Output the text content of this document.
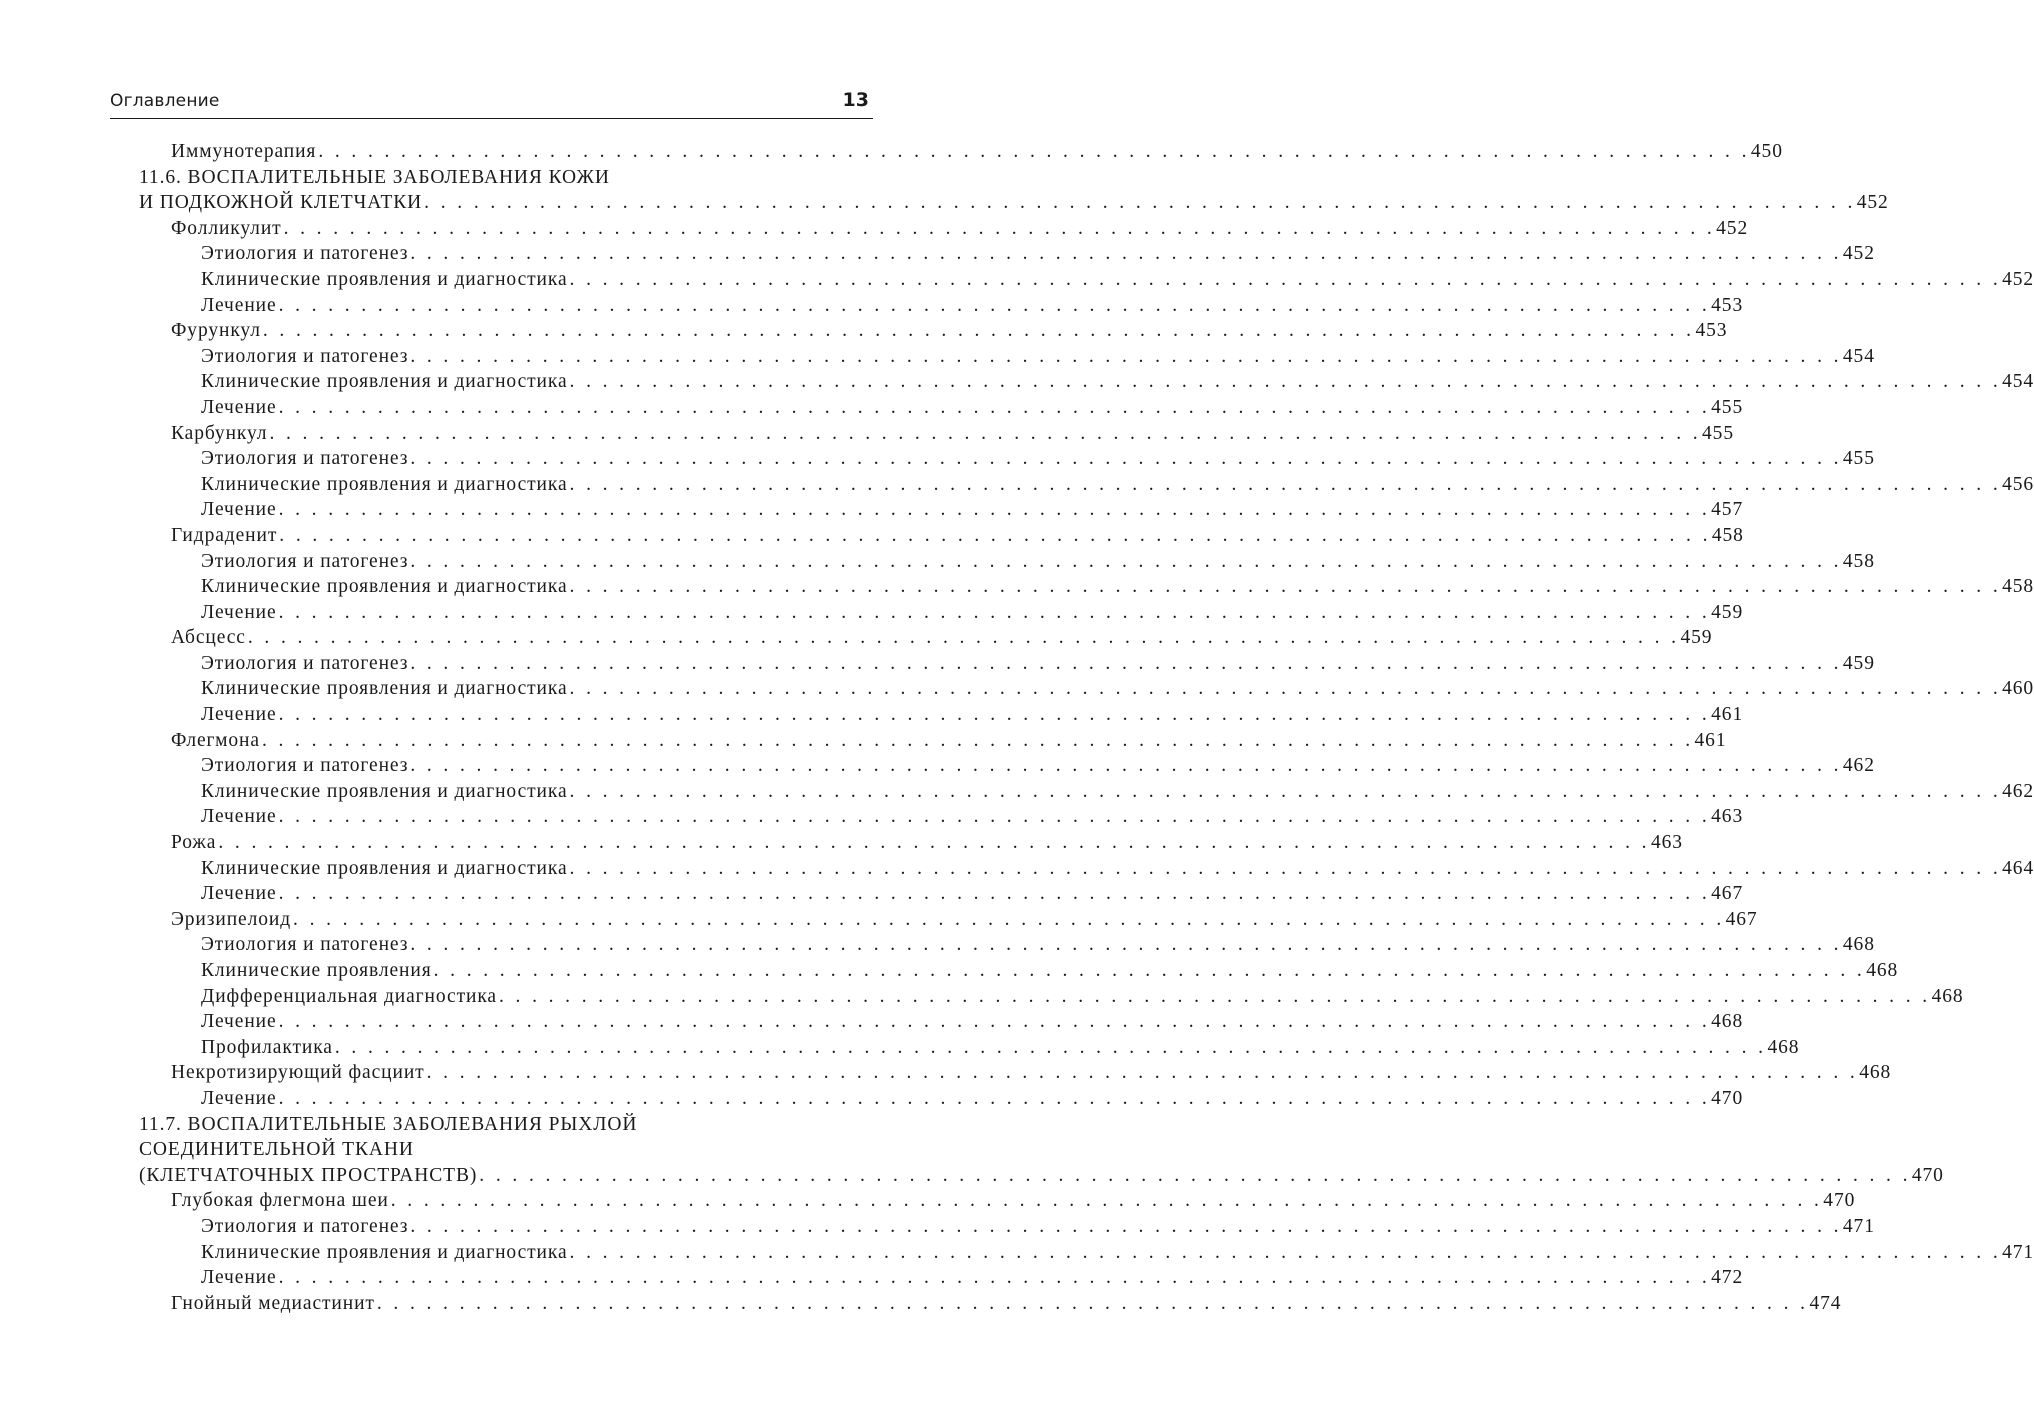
Оглавление	13
Иммунотерапия . . . . . . . . . . . . . . . . . . . . . . . . . . . . . . . . . . . . . . . . . . . . . . . . . . . . . . . . . . . . . . . . . . . . . . . . . . . . . . . . . . . . . . . 450
11.6. ВОСПАЛИТЕЛЬНЫЕ ЗАБОЛЕВАНИЯ КОЖИ
И ПОДКОЖНОЙ КЛЕТЧАТКИ . . . . . . . . . . . . . . . . . . . . . . . . . . . . . . . . . . . . . . . . . . . . . . . . . . . . . . . . . . . . . . . . . . . . . . . . . . . . . . . . . . . . . . . 452
Фолликулит . . . . . . . . . . . . . . . . . . . . . . . . . . . . . . . . . . . . . . . . . . . . . . . . . . . . . . . . . . . . . . . . . . . . . . . . . . . . . . . . . . . . . . . 452
Этиология и патогенез . . . . . . . . . . . . . . . . . . . . . . . . . . . . . . . . . . . . . . . . . . . . . . . . . . . . . . . . . . . . . . . . . . . . . . . . . . . . . . . . . . . . . . . 452
Клинические проявления и диагностика . . . . . . . . . . . . . . . . . . . . . . . . . . . . . . . . . . . . . . . . . . . . . . . . . . . . . . . . . . . . . . . . . . . . . . . . . . . . . . . . . . . . . . . 452
Лечение . . . . . . . . . . . . . . . . . . . . . . . . . . . . . . . . . . . . . . . . . . . . . . . . . . . . . . . . . . . . . . . . . . . . . . . . . . . . . . . . . . . . . . . 453
Фурункул . . . . . . . . . . . . . . . . . . . . . . . . . . . . . . . . . . . . . . . . . . . . . . . . . . . . . . . . . . . . . . . . . . . . . . . . . . . . . . . . . . . . . . . 453
Этиология и патогенез . . . . . . . . . . . . . . . . . . . . . . . . . . . . . . . . . . . . . . . . . . . . . . . . . . . . . . . . . . . . . . . . . . . . . . . . . . . . . . . . . . . . . . . 454
Клинические проявления и диагностика . . . . . . . . . . . . . . . . . . . . . . . . . . . . . . . . . . . . . . . . . . . . . . . . . . . . . . . . . . . . . . . . . . . . . . . . . . . . . . . . . . . . . . . 454
Лечение . . . . . . . . . . . . . . . . . . . . . . . . . . . . . . . . . . . . . . . . . . . . . . . . . . . . . . . . . . . . . . . . . . . . . . . . . . . . . . . . . . . . . . . 455
Карбункул . . . . . . . . . . . . . . . . . . . . . . . . . . . . . . . . . . . . . . . . . . . . . . . . . . . . . . . . . . . . . . . . . . . . . . . . . . . . . . . . . . . . . . . 455
Этиология и патогенез . . . . . . . . . . . . . . . . . . . . . . . . . . . . . . . . . . . . . . . . . . . . . . . . . . . . . . . . . . . . . . . . . . . . . . . . . . . . . . . . . . . . . . . 455
Клинические проявления и диагностика . . . . . . . . . . . . . . . . . . . . . . . . . . . . . . . . . . . . . . . . . . . . . . . . . . . . . . . . . . . . . . . . . . . . . . . . . . . . . . . . . . . . . . . 456
Лечение . . . . . . . . . . . . . . . . . . . . . . . . . . . . . . . . . . . . . . . . . . . . . . . . . . . . . . . . . . . . . . . . . . . . . . . . . . . . . . . . . . . . . . . 457
Гидраденит . . . . . . . . . . . . . . . . . . . . . . . . . . . . . . . . . . . . . . . . . . . . . . . . . . . . . . . . . . . . . . . . . . . . . . . . . . . . . . . . . . . . . . . 458
Этиология и патогенез . . . . . . . . . . . . . . . . . . . . . . . . . . . . . . . . . . . . . . . . . . . . . . . . . . . . . . . . . . . . . . . . . . . . . . . . . . . . . . . . . . . . . . . 458
Клинические проявления и диагностика . . . . . . . . . . . . . . . . . . . . . . . . . . . . . . . . . . . . . . . . . . . . . . . . . . . . . . . . . . . . . . . . . . . . . . . . . . . . . . . . . . . . . . . 458
Лечение . . . . . . . . . . . . . . . . . . . . . . . . . . . . . . . . . . . . . . . . . . . . . . . . . . . . . . . . . . . . . . . . . . . . . . . . . . . . . . . . . . . . . . . 459
Абсцесс . . . . . . . . . . . . . . . . . . . . . . . . . . . . . . . . . . . . . . . . . . . . . . . . . . . . . . . . . . . . . . . . . . . . . . . . . . . . . . . . . . . . . . . 459
Этиология и патогенез . . . . . . . . . . . . . . . . . . . . . . . . . . . . . . . . . . . . . . . . . . . . . . . . . . . . . . . . . . . . . . . . . . . . . . . . . . . . . . . . . . . . . . . 459
Клинические проявления и диагностика . . . . . . . . . . . . . . . . . . . . . . . . . . . . . . . . . . . . . . . . . . . . . . . . . . . . . . . . . . . . . . . . . . . . . . . . . . . . . . . . . . . . . . . 460
Лечение . . . . . . . . . . . . . . . . . . . . . . . . . . . . . . . . . . . . . . . . . . . . . . . . . . . . . . . . . . . . . . . . . . . . . . . . . . . . . . . . . . . . . . . 461
Флегмона . . . . . . . . . . . . . . . . . . . . . . . . . . . . . . . . . . . . . . . . . . . . . . . . . . . . . . . . . . . . . . . . . . . . . . . . . . . . . . . . . . . . . . . 461
Этиология и патогенез . . . . . . . . . . . . . . . . . . . . . . . . . . . . . . . . . . . . . . . . . . . . . . . . . . . . . . . . . . . . . . . . . . . . . . . . . . . . . . . . . . . . . . . 462
Клинические проявления и диагностика . . . . . . . . . . . . . . . . . . . . . . . . . . . . . . . . . . . . . . . . . . . . . . . . . . . . . . . . . . . . . . . . . . . . . . . . . . . . . . . . . . . . . . . 462
Лечение . . . . . . . . . . . . . . . . . . . . . . . . . . . . . . . . . . . . . . . . . . . . . . . . . . . . . . . . . . . . . . . . . . . . . . . . . . . . . . . . . . . . . . . 463
Рожа . . . . . . . . . . . . . . . . . . . . . . . . . . . . . . . . . . . . . . . . . . . . . . . . . . . . . . . . . . . . . . . . . . . . . . . . . . . . . . . . . . . . . . . 463
Клинические проявления и диагностика . . . . . . . . . . . . . . . . . . . . . . . . . . . . . . . . . . . . . . . . . . . . . . . . . . . . . . . . . . . . . . . . . . . . . . . . . . . . . . . . . . . . . . . 464
Лечение . . . . . . . . . . . . . . . . . . . . . . . . . . . . . . . . . . . . . . . . . . . . . . . . . . . . . . . . . . . . . . . . . . . . . . . . . . . . . . . . . . . . . . . 467
Эризипелоид . . . . . . . . . . . . . . . . . . . . . . . . . . . . . . . . . . . . . . . . . . . . . . . . . . . . . . . . . . . . . . . . . . . . . . . . . . . . . . . . . . . . . . . 467
Этиология и патогенез . . . . . . . . . . . . . . . . . . . . . . . . . . . . . . . . . . . . . . . . . . . . . . . . . . . . . . . . . . . . . . . . . . . . . . . . . . . . . . . . . . . . . . . 468
Клинические проявления . . . . . . . . . . . . . . . . . . . . . . . . . . . . . . . . . . . . . . . . . . . . . . . . . . . . . . . . . . . . . . . . . . . . . . . . . . . . . . . . . . . . . . . 468
Дифференциальная диагностика . . . . . . . . . . . . . . . . . . . . . . . . . . . . . . . . . . . . . . . . . . . . . . . . . . . . . . . . . . . . . . . . . . . . . . . . . . . . . . . . . . . . . . . 468
Лечение . . . . . . . . . . . . . . . . . . . . . . . . . . . . . . . . . . . . . . . . . . . . . . . . . . . . . . . . . . . . . . . . . . . . . . . . . . . . . . . . . . . . . . . 468
Профилактика . . . . . . . . . . . . . . . . . . . . . . . . . . . . . . . . . . . . . . . . . . . . . . . . . . . . . . . . . . . . . . . . . . . . . . . . . . . . . . . . . . . . . . . 468
Некротизирующий фасциит . . . . . . . . . . . . . . . . . . . . . . . . . . . . . . . . . . . . . . . . . . . . . . . . . . . . . . . . . . . . . . . . . . . . . . . . . . . . . . . . . . . . . . . 468
Лечение . . . . . . . . . . . . . . . . . . . . . . . . . . . . . . . . . . . . . . . . . . . . . . . . . . . . . . . . . . . . . . . . . . . . . . . . . . . . . . . . . . . . . . . 470
11.7. ВОСПАЛИТЕЛЬНЫЕ ЗАБОЛЕВАНИЯ РЫХЛОЙ
СОЕДИНИТЕЛЬНОЙ ТКАНИ
(КЛЕТЧАТОЧНЫХ ПРОСТРАНСТВ) . . . . . . . . . . . . . . . . . . . . . . . . . . . . . . . . . . . . . . . . . . . . . . . . . . . . . . . . . . . . . . . . . . . . . . . . . . . . . . . . . . . . . . . 470
Глубокая флегмона шеи . . . . . . . . . . . . . . . . . . . . . . . . . . . . . . . . . . . . . . . . . . . . . . . . . . . . . . . . . . . . . . . . . . . . . . . . . . . . . . . . . . . . . . . 470
Этиология и патогенез . . . . . . . . . . . . . . . . . . . . . . . . . . . . . . . . . . . . . . . . . . . . . . . . . . . . . . . . . . . . . . . . . . . . . . . . . . . . . . . . . . . . . . . 471
Клинические проявления и диагностика . . . . . . . . . . . . . . . . . . . . . . . . . . . . . . . . . . . . . . . . . . . . . . . . . . . . . . . . . . . . . . . . . . . . . . . . . . . . . . . . . . . . . . . 471
Лечение . . . . . . . . . . . . . . . . . . . . . . . . . . . . . . . . . . . . . . . . . . . . . . . . . . . . . . . . . . . . . . . . . . . . . . . . . . . . . . . . . . . . . . . 472
Гнойный медиастинит . . . . . . . . . . . . . . . . . . . . . . . . . . . . . . . . . . . . . . . . . . . . . . . . . . . . . . . . . . . . . . . . . . . . . . . . . . . . . . . . . . . . . . . 474
